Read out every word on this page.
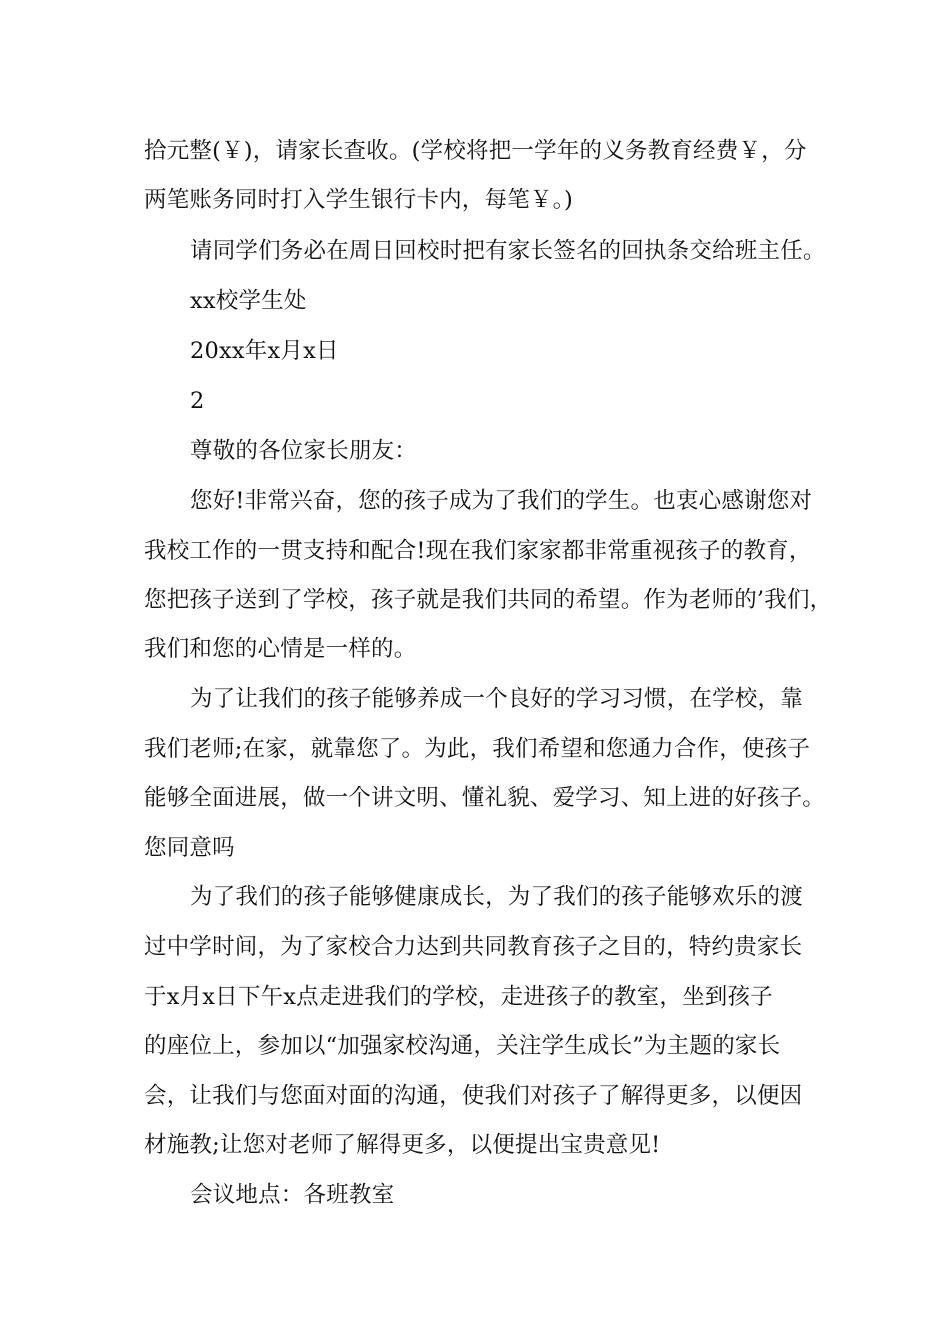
拾元整(￥)，请家长查收。(学校将把一学年的义务教育经费￥，分
两笔账务同时打入学生银行卡内，每笔￥。)
请同学们务必在周日回校时把有家长签名的回执条交给班主任。
xx校学生处
20xx年x月x日
2
尊敬的各位家长朋友：
您好!非常兴奋，您的孩子成为了我们的学生。也衷心感谢您对
我校工作的一贯支持和配合!现在我们家家都非常重视孩子的教育，
您把孩子送到了学校，孩子就是我们共同的希望。作为老师的’我们，
我们和您的心情是一样的。
为了让我们的孩子能够养成一个良好的学习习惯，在学校，靠
我们老师;在家，就靠您了。为此，我们希望和您通力合作，使孩子
能够全面进展，做一个讲文明、懂礼貌、爱学习、知上进的好孩子。
您同意吗
为了我们的孩子能够健康成长，为了我们的孩子能够欢乐的渡
过中学时间，为了家校合力达到共同教育孩子之目的，特约贵家长
于x月x日下午x点走进我们的学校，走进孩子的教室，坐到孩子
的座位上，参加以“加强家校沟通，关注学生成长”为主题的家长
会，让我们与您面对面的沟通，使我们对孩子了解得更多，以便因
材施教;让您对老师了解得更多，以便提出宝贵意见!
会议地点：各班教室
